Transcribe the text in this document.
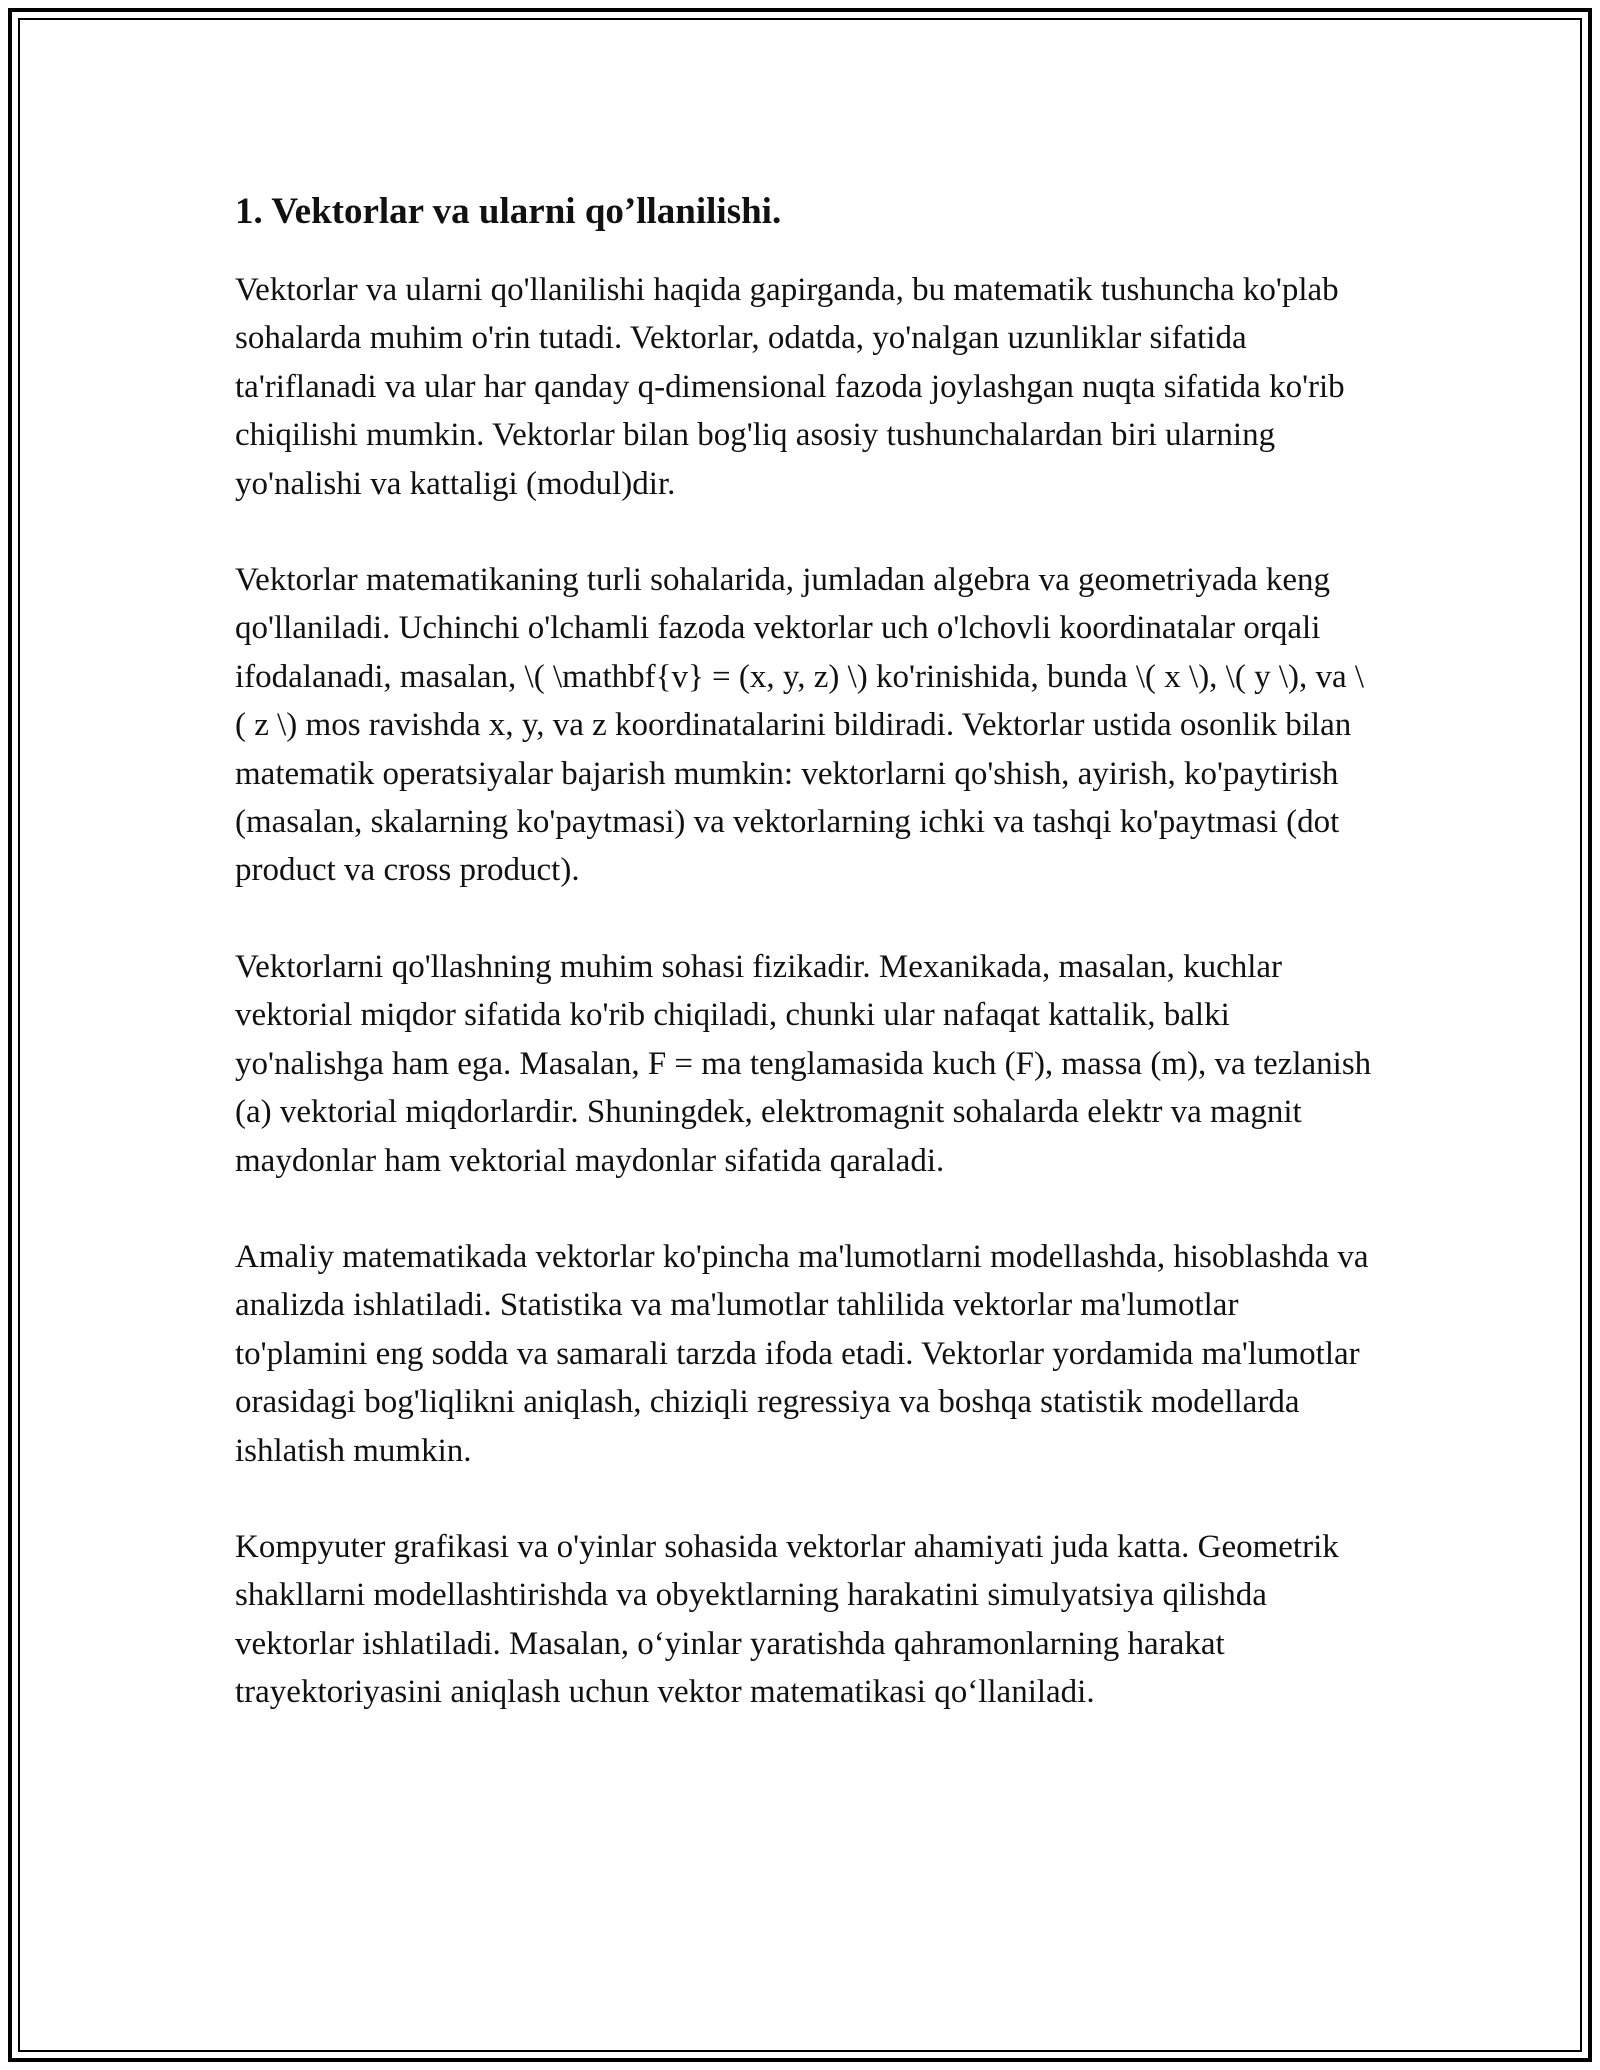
1. Vektorlar va ularni qo’llanilishi.

Vektorlar va ularni qo'llanilishi haqida gapirganda, bu matematik tushuncha ko'plab sohalarda muhim o'rin tutadi. Vektorlar, odatda, yo'nalgan uzunliklar sifatida ta'riflanadi va ular har qanday q-dimensional fazoda joylashgan nuqta sifatida ko'rib chiqilishi mumkin. Vektorlar bilan bog'liq asosiy tushunchalardan biri ularning yo'nalishi va kattaligi (modul)dir.

Vektorlar matematikaning turli sohalarida, jumladan algebra va geometriyada keng qo'llaniladi. Uchinchi o'lchamli fazoda vektorlar uch o'lchovli koordinatalar orqali ifodalanadi, masalan, \( \mathbf{v} = (x, y, z) \) ko'rinishida, bunda \( x \), \( y \), va \( z \) mos ravishda x, y, va z koordinatalarini bildiradi. Vektorlar ustida osonlik bilan matematik operatsiyalar bajarish mumkin: vektorlarni qo'shish, ayirish, ko'paytirish (masalan, skalarning ko'paytmasi) va vektorlarning ichki va tashqi ko'paytmasi (dot product va cross product).

Vektorlarni qo'llashning muhim sohasi fizikadir. Mexanikada, masalan, kuchlar vektorial miqdor sifatida ko'rib chiqiladi, chunki ular nafaqat kattalik, balki yo'nalishga ham ega. Masalan, F = ma tenglamasida kuch (F), massa (m), va tezlanish (a) vektorial miqdorlardir. Shuningdek, elektromagnit sohalarda elektr va magnit maydonlar ham vektorial maydonlar sifatida qaraladi.

Amaliy matematikada vektorlar ko'pincha ma'lumotlarni modellashda, hisoblashda va analizda ishlatiladi. Statistika va ma'lumotlar tahlilida vektorlar ma'lumotlar to'plamini eng sodda va samarali tarzda ifoda etadi. Vektorlar yordamida ma'lumotlar orasidagi bog'liqlikni aniqlash, chiziqli regressiya va boshqa statistik modellarda ishlatish mumkin.

Kompyuter grafikasi va o'yinlar sohasida vektorlar ahamiyati juda katta. Geometrik shakllarni modellashtirishda va obyektlarning harakatini simulyatsiya qilishda vektorlar ishlatiladi. Masalan, oʻyinlar yaratishda qahramonlarning harakat trayektoriyasini aniqlash uchun vektor matematikasi qoʻllaniladi.
